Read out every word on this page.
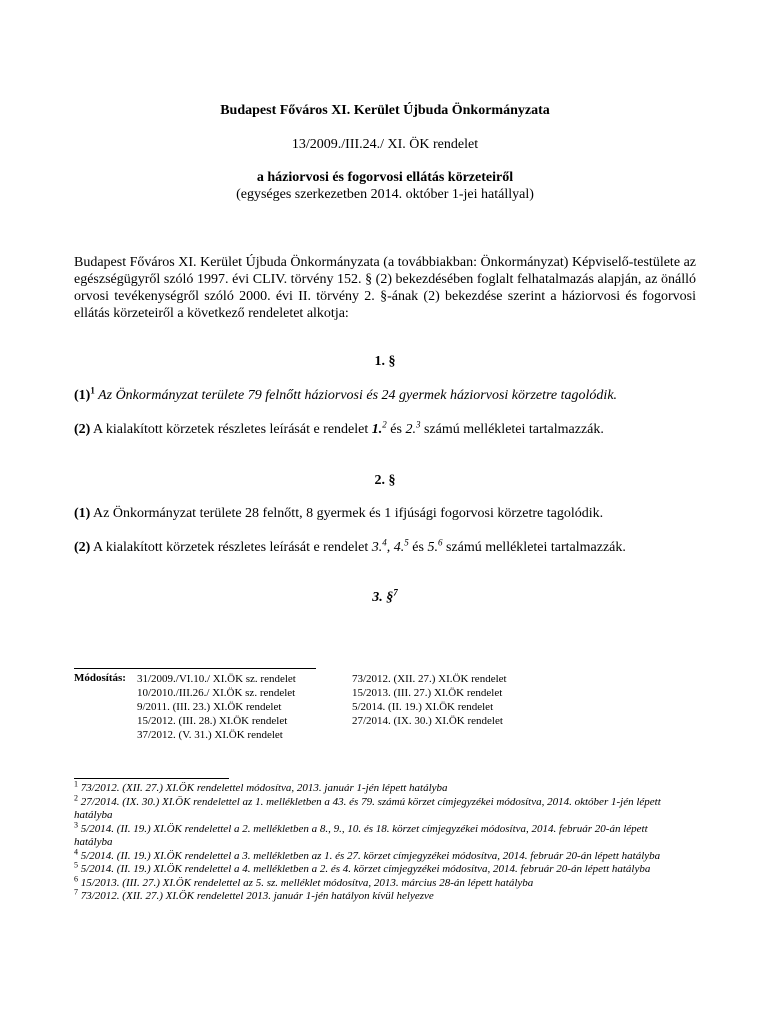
Budapest Főváros XI. Kerület Újbuda Önkormányzata
13/2009./III.24./ XI. ÖK rendelet
a háziorvosi és fogorvosi ellátás körzeteiről
(egységes szerkezetben 2014. október 1-jei hatállyal)

Budapest Főváros XI. Kerület Újbuda Önkormányzata (a továbbiakban: Önkormányzat) Képviselő-testülete az egészségügyről szóló 1997. évi CLIV. törvény 152. § (2) bekezdésében foglalt felhatalmazás alapján, az önálló orvosi tevékenységről szóló 2000. évi II. törvény 2. §-ának (2) bekezdése szerint a háziorvosi és fogorvosi ellátás körzeteiről a következő rendeletet alkotja:

1. §
$(1)^1$ Az Önkormányzat területe 79 felnőtt háziorvosi és 24 gyermek háziorvosi körzetre tagolódik.
(2) A kialakított körzetek részletes leírását e rendelet 1.$^2$ és 2.$^3$ számú mellékletei tartalmazzák.
2. §
(1) Az Önkormányzat területe 28 felnőtt, 8 gyermek és 1 ifjúsági fogorvosi körzetre tagolódik.
(2) A kialakított körzetek részletes leírását e rendelet 3.$^4$, 4.$^5$ és 5.$^6$ számú mellékletei tartalmazzák.
3. §$^7$
Módosítás: 31/2009./VI.10./ XI.ÖK sz. rendelet
10/2010./III.26./ XI.ÖK sz. rendelet
9/2011. (III. 23.) XI.ÖK rendelet
15/2012. (III. 28.) XI.ÖK rendelet
37/2012. (V. 31.) XI.ÖK rendelet
73/2012. (XII. 27.) XI.ÖK rendelet
15/2013. (III. 27.) XI.ÖK rendelet
5/2014. (II. 19.) XI.ÖK rendelet
27/2014. (IX. 30.) XI.ÖK rendelet
$^1$ 73/2012. (XII. 27.) XI.ÖK rendelettel módosítva, 2013. január 1-jén lépett hatályba
$^2$ 27/2014. (IX. 30.) XI.ÖK rendelettel az 1. mellékletben a 43. és 79. számú körzet címjegyzékei módosítva, 2014. október 1-jén lépett hatályba
$^3$ 5/2014. (II. 19.) XI.ÖK rendelettel a 2. mellékletben a 8., 9., 10. és 18. körzet címjegyzékei módosítva, 2014. február 20-án lépett hatályba
$^4$ 5/2014. (II. 19.) XI.ÖK rendelettel a 3. mellékletben az 1. és 27. körzet címjegyzékei módosítva, 2014. február 20-án lépett hatályba
$^5$ 5/2014. (II. 19.) XI.ÖK rendelettel a 4. mellékletben a 2. és 4. körzet címjegyzékei módosítva, 2014. február 20-án lépett hatályba
$^6$ 15/2013. (III. 27.) XI.ÖK rendelettel az 5. sz. melléklet módosítva, 2013. március 28-án lépett hatályba
$^7$ 73/2012. (XII. 27.) XI.ÖK rendelettel 2013. január 1-jén hatályon kívül helyezve
